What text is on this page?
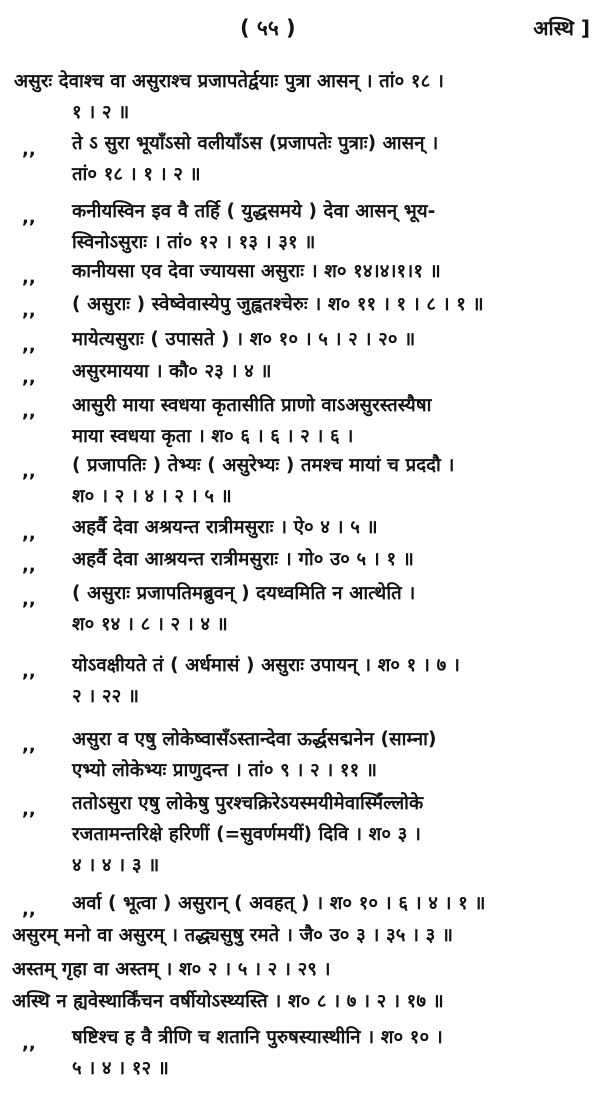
( ५५ )	अस्थि ]
असुरः देवाश्च वा असुराश्च प्रजापतेर्द्वयाः पुत्रा आसन् । तां० १८ ।
१ । २ ॥
,, ते ऽ सुरा भूयाँऽसो वलीयाँऽस (प्रजापतेः पुत्राः) आसन् ।
तां० १८ । १ । २ ॥
,, कनीयस्विन इव वै तर्हि ( युद्धसमये ) देवा आसन् भूय-
स्विनोऽसुराः । तां० १२ । १३ । ३१ ॥
,, कानीयसा एव देवा ज्यायसा असुराः । श० १४।४।१।१ ॥
,, ( असुराः ) स्वेष्वेवास्येपु जुह्वतश्चेरुः । श० ११ । १ । ८ । १ ॥
,, मायेत्यसुराः ( उपासते ) । श० १० । ५ । २ । २० ॥
,, असुरमायया । कौ० २३ । ४ ॥
,, आसुरी माया स्वधया कृतासीति प्राणो वाऽअसुरस्तस्यैषा
माया स्वधया कृता । श० ६ । ६ । २ । ६ ।
,, ( प्रजापतिः ) तेभ्यः ( असुरेभ्यः ) तमश्च मायां च प्रददौ ।
श० । २ । ४ । २ । ५ ॥
,, अहर्वै देवा अश्रयन्त रात्रीमसुराः । ऐ० ४ । ५ ॥
,, अहर्वै देवा आश्रयन्त रात्रीमसुराः । गो० उ० ५ । १ ॥
,, ( असुराः प्रजापतिमब्रुवन् ) दयध्वमिति न आत्थेति ।
श० १४ । ८ । २ । ४ ॥
,, योऽवक्षीयते तं ( अर्धमासं ) असुराः उपायन् । श० १ । ७ ।
२ । २२ ॥
,, असुरा व एषु लोकेष्वासँऽस्तान्देवा ऊर्द्धसद्मनेन (साम्ना)
एभ्यो लोकेभ्यः प्राणुदन्त । तां० ९ । २ । ११ ॥
,, ततोऽसुरा एषु लोकेषु पुरश्चक्रिरेऽयस्मयीमेवास्मिँल्लोके
रजतामन्तरिक्षे हरिणीं (=सुवर्णमयीं) दिवि । श० ३ ।
४ । ४ । ३ ॥
,, अर्वा ( भूत्वा ) असुरान् ( अवहत् ) । श० १० । ६ । ४ । १ ॥
असुरम् मनो वा असुरम् । तद्ध्यसुषु रमते । जै० उ० ३ । ३५ । ३ ॥
अस्तम् गृहा वा अस्तम् । श० २ । ५ । २ । २९ ।
अस्थि न ह्यवेस्थार्किंचन वर्षीयोऽस्थ्यस्ति । श० ८ । ७ । २ । १७ ॥
,, षष्टिश्च ह वै त्रीणि च शतानि पुरुषस्यास्थीनि । श० १० ।
५ । ४ । १२ ॥
